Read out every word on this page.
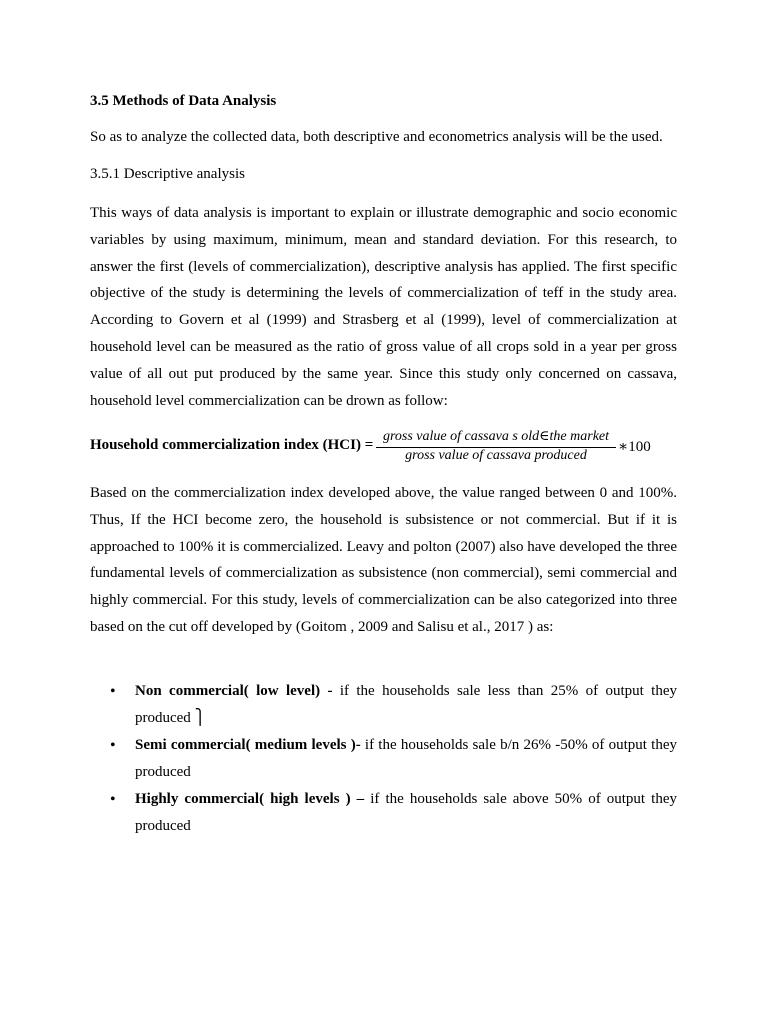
3.5 Methods of Data Analysis
So as to analyze the collected data, both descriptive and econometrics analysis will be the used.
3.5.1 Descriptive analysis
This ways of data analysis is important to explain or illustrate demographic and socio economic variables by using maximum, minimum, mean and standard deviation. For this research, to answer the first (levels of commercialization), descriptive analysis has applied. The first specific objective of the study is determining the levels of commercialization of teff in the study area. According to Govern et al (1999) and Strasberg et al (1999), level of commercialization at household level can be measured as the ratio of gross value of all crops sold in a year per gross value of all out put produced by the same year. Since this study only concerned on cassava, household level commercialization can be drown as follow:
Household commercialization index (HCI) =
gross value of cassava s old∈the market
gross value of cassava produced
∗100
Based on the commercialization index developed above, the value ranged between 0 and 100%. Thus, If the HCI become zero, the household is subsistence or not commercial. But if it is approached to 100% it is commercialized. Leavy and polton (2007) also have developed the three fundamental levels of commercialization as subsistence (non commercial), semi commercial and highly commercial. For this study, levels of commercialization can be also categorized into three based on the cut off developed by (Goitom , 2009 and Salisu et al., 2017 ) as:
• Non commercial( low level) - if the households sale less than 25% of output they produced ⎫
• Semi commercial( medium levels )- if the households sale b/n 26% -50% of output they produced
• Highly commercial( high levels ) – if the households sale above 50% of output they produced
